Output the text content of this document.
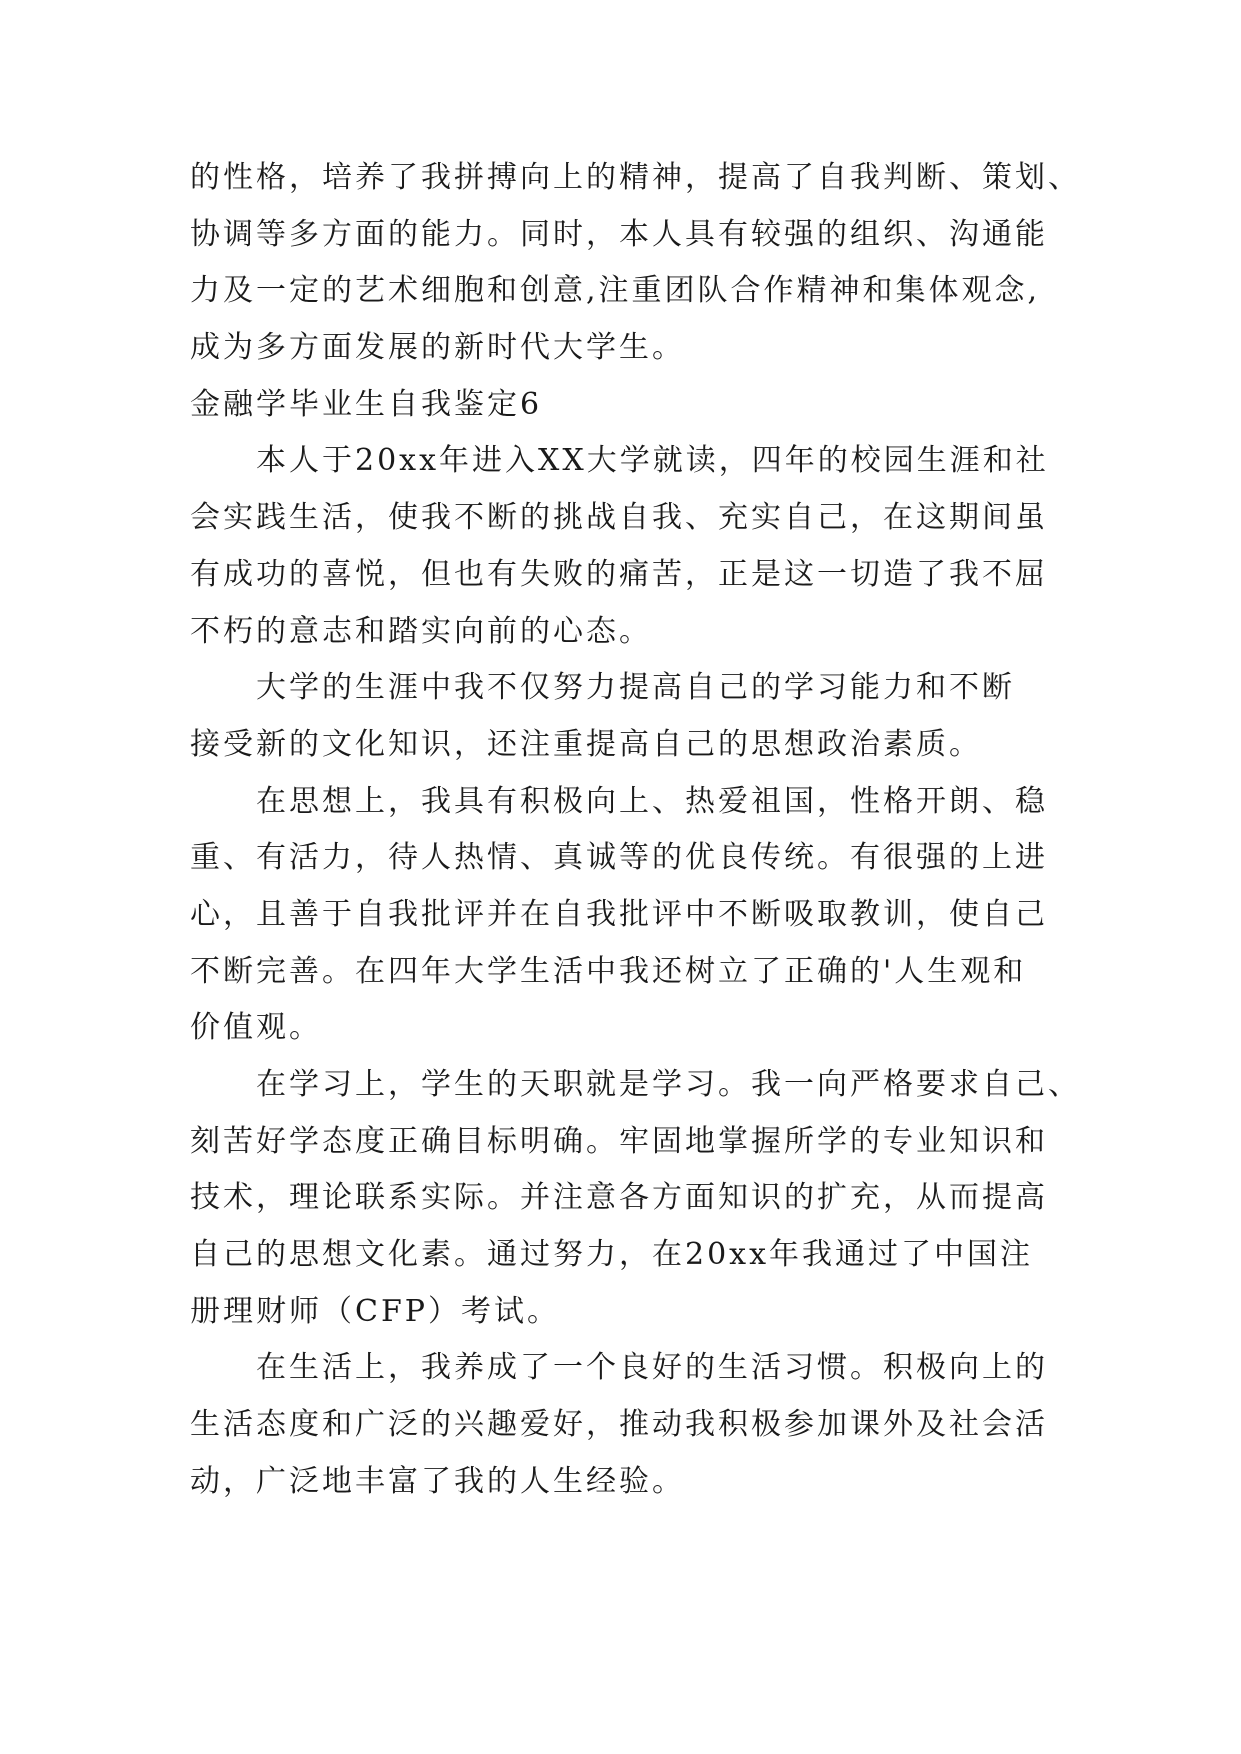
的性格，培养了我拼搏向上的精神，提高了自我判断、策划、
协调等多方面的能力。同时，本人具有较强的组织、沟通能
力及一定的艺术细胞和创意,注重团队合作精神和集体观念,
成为多方面发展的新时代大学生。
金融学毕业生自我鉴定6
本人于20xx年进入XX大学就读，四年的校园生涯和社
会实践生活，使我不断的挑战自我、充实自己，在这期间虽
有成功的喜悦，但也有失败的痛苦，正是这一切造了我不屈
不朽的意志和踏实向前的心态。
大学的生涯中我不仅努力提高自己的学习能力和不断
接受新的文化知识，还注重提高自己的思想政治素质。
在思想上，我具有积极向上、热爱祖国，性格开朗、稳
重、有活力，待人热情、真诚等的优良传统。有很强的上进
心，且善于自我批评并在自我批评中不断吸取教训，使自己
不断完善。在四年大学生活中我还树立了正确的'人生观和
价值观。
在学习上，学生的天职就是学习。我一向严格要求自己、
刻苦好学态度正确目标明确。牢固地掌握所学的专业知识和
技术，理论联系实际。并注意各方面知识的扩充，从而提高
自己的思想文化素。通过努力，在20xx年我通过了中国注
册理财师（CFP）考试。
在生活上，我养成了一个良好的生活习惯。积极向上的
生活态度和广泛的兴趣爱好，推动我积极参加课外及社会活
动，广泛地丰富了我的人生经验。
